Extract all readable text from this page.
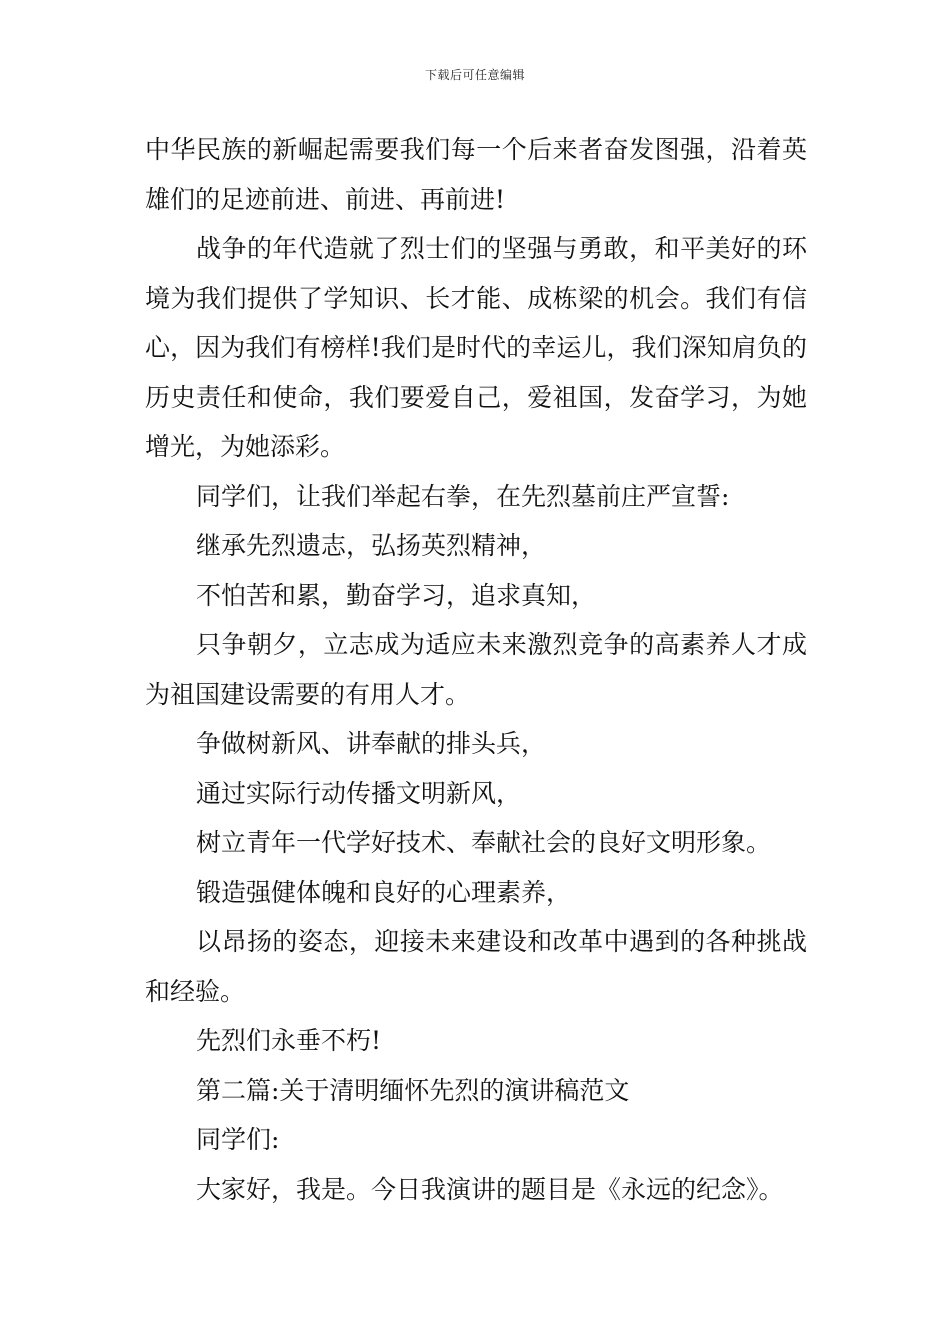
下载后可任意编辑

中华民族的新崛起需要我们每一个后来者奋发图强，沿着英雄们的足迹前进、前进、再前进!

战争的年代造就了烈士们的坚强与勇敢，和平美好的环境为我们提供了学知识、长才能、成栋梁的机会。我们有信心，因为我们有榜样!我们是时代的幸运儿，我们深知肩负的历史责任和使命，我们要爱自己，爱祖国，发奋学习，为她增光，为她添彩。

同学们，让我们举起右拳，在先烈墓前庄严宣誓:

继承先烈遗志，弘扬英烈精神，

不怕苦和累，勤奋学习，追求真知，

只争朝夕，立志成为适应未来激烈竞争的高素养人才成为祖国建设需要的有用人才。

争做树新风、讲奉献的排头兵，

通过实际行动传播文明新风，

树立青年一代学好技术、奉献社会的良好文明形象。

锻造强健体魄和良好的心理素养，

以昂扬的姿态，迎接未来建设和改革中遇到的各种挑战和经验。

先烈们永垂不朽!

第二篇:关于清明缅怀先烈的演讲稿范文

同学们:

大家好，我是。今日我演讲的题目是《永远的纪念》。
